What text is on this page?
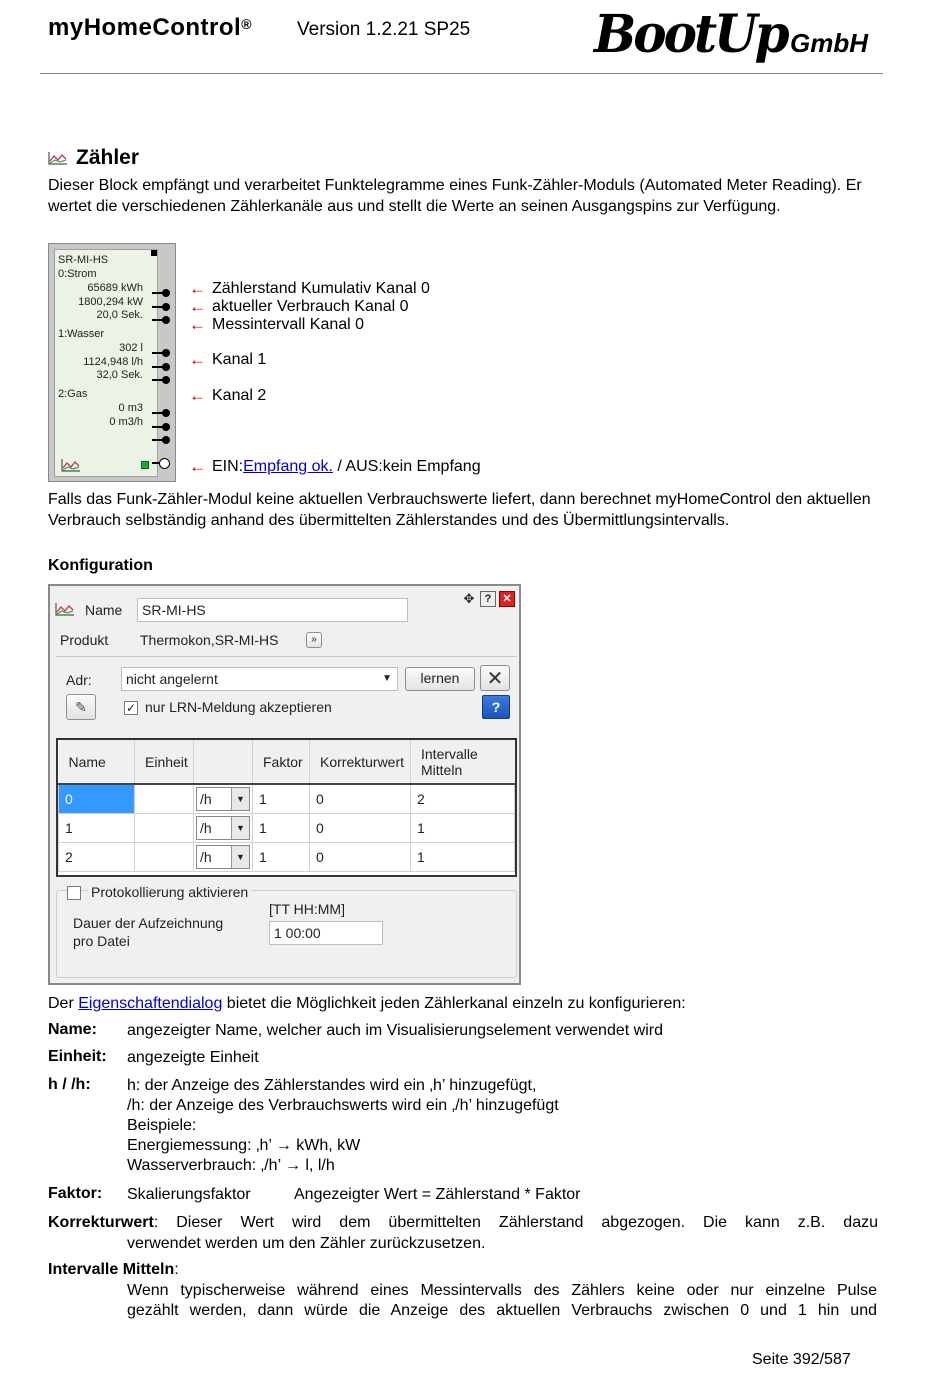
myHomeControl® Version 1.2.21 SP25 BootUp GmbH
Zähler
Dieser Block empfängt und verarbeitet Funktelegramme eines Funk-Zähler-Moduls (Automated Meter Reading). Er wertet die verschiedenen Zählerkanäle aus und stellt die Werte an seinen Ausgangspins zur Verfügung.
SR-MI-HS
0:Strom
65689 kWh
1800,294 kW
20,0 Sek.
1:Wasser
302 l
1124,948 l/h
32,0 Sek.
2:Gas
0 m3
0 m3/h
← Zählerstand Kumulativ Kanal 0
← aktueller Verbrauch Kanal 0
← Messintervall Kanal 0
← Kanal 1
← Kanal 2
← EIN:Empfang ok. / AUS:kein Empfang
Falls das Funk-Zähler-Modul keine aktuellen Verbrauchswerte liefert, dann berechnet myHomeControl den aktuellen Verbrauch selbständig anhand des übermittelten Zählerstandes und des Übermittlungsintervalls.
Konfiguration
Name	SR-MI-HS
Produkt Thermokon,SR-MI-HS	»
✥ ?	✕
Adr:	nicht angelernt	▼	lernen	✕
✎	✓ nur LRN-Meldung akzeptieren	?
Name	Einheit		Faktor	Korrekturwert	Intervalle Mitteln
0		/h ▼	1	0	2
1		/h ▼	1	0	1
2		/h ▼	1	0	1
Protokollierung aktivieren
Dauer der Aufzeichnung
pro Datei
[TT HH:MM]
1 00:00
Der Eigenschaftendialog bietet die Möglichkeit jeden Zählerkanal einzeln zu konfigurieren:
Name: angezeigter Name, welcher auch im Visualisierungselement verwendet wird
Einheit: angezeigte Einheit
h / /h: h: der Anzeige des Zählerstandes wird ein ‚h’ hinzugefügt,
/h: der Anzeige des Verbrauchswerts wird ein ‚/h’ hinzugefügt
Beispiele:
Energiemessung: ‚h’ → kWh, kW
Wasserverbrauch: ‚/h’ → l, l/h
Faktor: Skalierungsfaktor	Angezeigter Wert = Zählerstand * Faktor
Korrekturwert: Dieser Wert wird dem übermittelten Zählerstand abgezogen. Die kann z.B. dazu
verwendet werden um den Zähler zurückzusetzen.
Intervalle Mitteln:
Wenn typischerweise während eines Messintervalls des Zählers keine oder nur einzelne Pulse
gezählt werden, dann würde die Anzeige des aktuellen Verbrauchs zwischen 0 und 1 hin und
Seite 392/587
